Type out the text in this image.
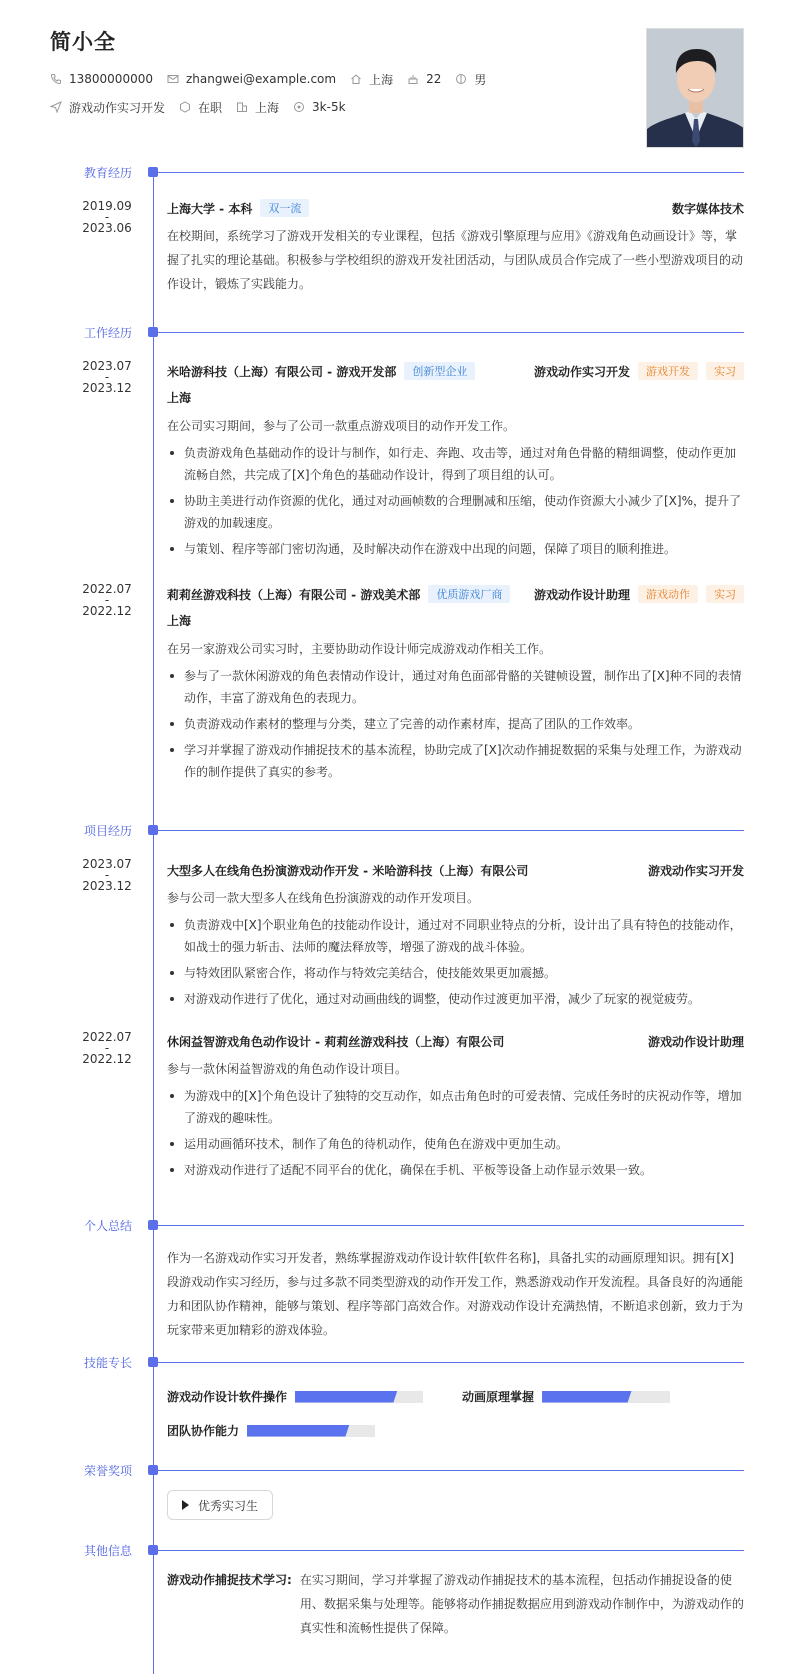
简小全
13800000000	zhangwei@example.com	上海	22	男
游戏动作实习开发	在职	上海	3k-5k
教育经历
2019.09
-
2023.06
上海大学 - 本科	双一流	数字媒体技术
在校期间，系统学习了游戏开发相关的专业课程，包括《游戏引擎原理与应用》《游戏角色动画设计》等，掌握了扎实的理论基础。积极参与学校组织的游戏开发社团活动，与团队成员合作完成了一些小型游戏项目的动作设计，锻炼了实践能力。
工作经历
2023.07
-
2023.12
米哈游科技（上海）有限公司 - 游戏开发部	创新型企业	游戏动作实习开发	游戏开发	实习
上海
在公司实习期间，参与了公司一款重点游戏项目的动作开发工作。
负责游戏角色基础动作的设计与制作，如行走、奔跑、攻击等，通过对角色骨骼的精细调整，使动作更加流畅自然，共完成了[X]个角色的基础动作设计，得到了项目组的认可。
协助主美进行动作资源的优化，通过对动画帧数的合理删减和压缩，使动作资源大小减少了[X]%，提升了游戏的加载速度。
与策划、程序等部门密切沟通，及时解决动作在游戏中出现的问题，保障了项目的顺利推进。
2022.07
-
2022.12
莉莉丝游戏科技（上海）有限公司 - 游戏美术部	优质游戏厂商	游戏动作设计助理	游戏动作	实习
上海
在另一家游戏公司实习时，主要协助动作设计师完成游戏动作相关工作。
参与了一款休闲游戏的角色表情动作设计，通过对角色面部骨骼的关键帧设置，制作出了[X]种不同的表情动作，丰富了游戏角色的表现力。
负责游戏动作素材的整理与分类，建立了完善的动作素材库，提高了团队的工作效率。
学习并掌握了游戏动作捕捉技术的基本流程，协助完成了[X]次动作捕捉数据的采集与处理工作，为游戏动作的制作提供了真实的参考。
项目经历
2023.07
-
2023.12
大型多人在线角色扮演游戏动作开发 - 米哈游科技（上海）有限公司	游戏动作实习开发
参与公司一款大型多人在线角色扮演游戏的动作开发项目。
负责游戏中[X]个职业角色的技能动作设计，通过对不同职业特点的分析，设计出了具有特色的技能动作，如战士的强力斩击、法师的魔法释放等，增强了游戏的战斗体验。
与特效团队紧密合作，将动作与特效完美结合，使技能效果更加震撼。
对游戏动作进行了优化，通过对动画曲线的调整，使动作过渡更加平滑，减少了玩家的视觉疲劳。
2022.07
-
2022.12
休闲益智游戏角色动作设计 - 莉莉丝游戏科技（上海）有限公司	游戏动作设计助理
参与一款休闲益智游戏的角色动作设计项目。
为游戏中的[X]个角色设计了独特的交互动作，如点击角色时的可爱表情、完成任务时的庆祝动作等，增加了游戏的趣味性。
运用动画循环技术，制作了角色的待机动作，使角色在游戏中更加生动。
对游戏动作进行了适配不同平台的优化，确保在手机、平板等设备上动作显示效果一致。
个人总结
作为一名游戏动作实习开发者，熟练掌握游戏动作设计软件[软件名称]，具备扎实的动画原理知识。拥有[X]段游戏动作实习经历，参与过多款不同类型游戏的动作开发工作，熟悉游戏动作开发流程。具备良好的沟通能力和团队协作精神，能够与策划、程序等部门高效合作。对游戏动作设计充满热情，不断追求创新，致力于为玩家带来更加精彩的游戏体验。
技能专长
游戏动作设计软件操作	动画原理掌握
团队协作能力
荣誉奖项
优秀实习生
其他信息
游戏动作捕捉技术学习: 在实习期间，学习并掌握了游戏动作捕捉技术的基本流程，包括动作捕捉设备的使用、数据采集与处理等。能够将动作捕捉数据应用到游戏动作制作中，为游戏动作的真实性和流畅性提供了保障。
